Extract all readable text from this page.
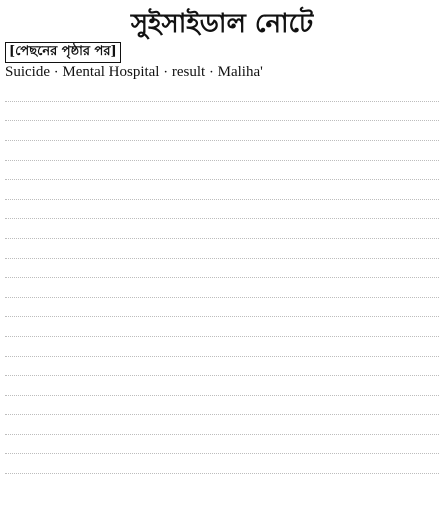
সুইসাইডাল নোটে

[পেছনের পৃষ্ঠার পর]

Suicide · Mental Hospital · result · Maliha'
